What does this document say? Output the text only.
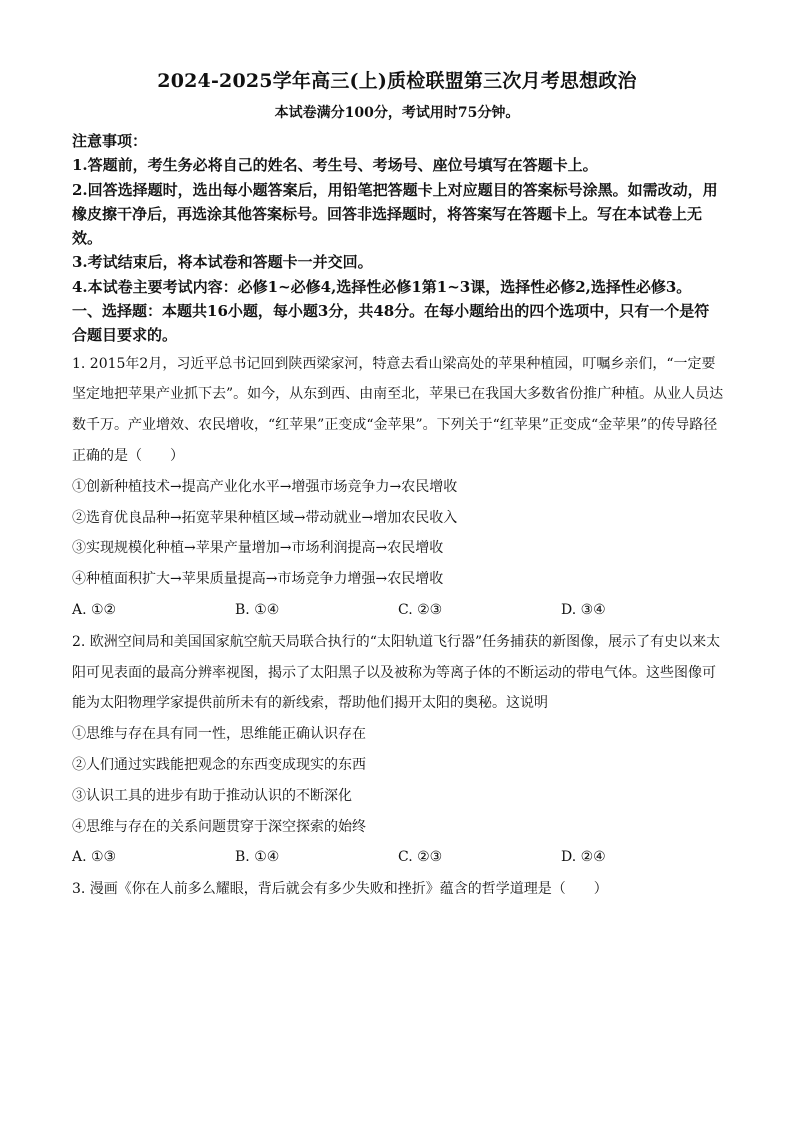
2024-2025学年高三(上)质检联盟第三次月考思想政治
本试卷满分100分，考试用时75分钟。

注意事项：

1.答题前，考生务必将自己的姓名、考生号、考场号、座位号填写在答题卡上。

2.回答选择题时，选出每小题答案后，用铅笔把答题卡上对应题目的答案标号涂黑。如需改动，用橡皮擦干净后，再选涂其他答案标号。回答非选择题时，将答案写在答题卡上。写在本试卷上无效。

3.考试结束后，将本试卷和答题卡一并交回。

4.本试卷主要考试内容：必修1~必修4,选择性必修1第1~3课，选择性必修2,选择性必修3。

一、选择题：本题共16小题，每小题3分，共48分。在每小题给出的四个选项中，只有一个是符合题目要求的。

1. 2015年2月，习近平总书记回到陕西梁家河，特意去看山梁高处的苹果种植园，叮嘱乡亲们，“一定要坚定地把苹果产业抓下去”。如今，从东到西、由南至北，苹果已在我国大多数省份推广种植。从业人员达数千万。产业增效、农民增收，“红苹果”正变成“金苹果”。下列关于“红苹果”正变成“金苹果”的传导路径正确的是（　　）

①创新种植技术→提高产业化水平→增强市场竞争力→农民增收

②选育优良品种→拓宽苹果种植区域→带动就业→增加农民收入

③实现规模化种植→苹果产量增加→市场利润提高→农民增收

④种植面积扩大→苹果质量提高→市场竞争力增强→农民增收

A. ①②	B. ①④	C. ②③	D. ③④

2. 欧洲空间局和美国国家航空航天局联合执行的“太阳轨道飞行器”任务捕获的新图像，展示了有史以来太阳可见表面的最高分辨率视图，揭示了太阳黑子以及被称为等离子体的不断运动的带电气体。这些图像可能为太阳物理学家提供前所未有的新线索，帮助他们揭开太阳的奥秘。这说明

①思维与存在具有同一性，思维能正确认识存在

②人们通过实践能把观念的东西变成现实的东西

③认识工具的进步有助于推动认识的不断深化

④思维与存在的关系问题贯穿于深空探索的始终

A. ①③	B. ①④	C. ②③	D. ②④

3. 漫画《你在人前多么耀眼，背后就会有多少失败和挫折》蕴含的哲学道理是（　　）
